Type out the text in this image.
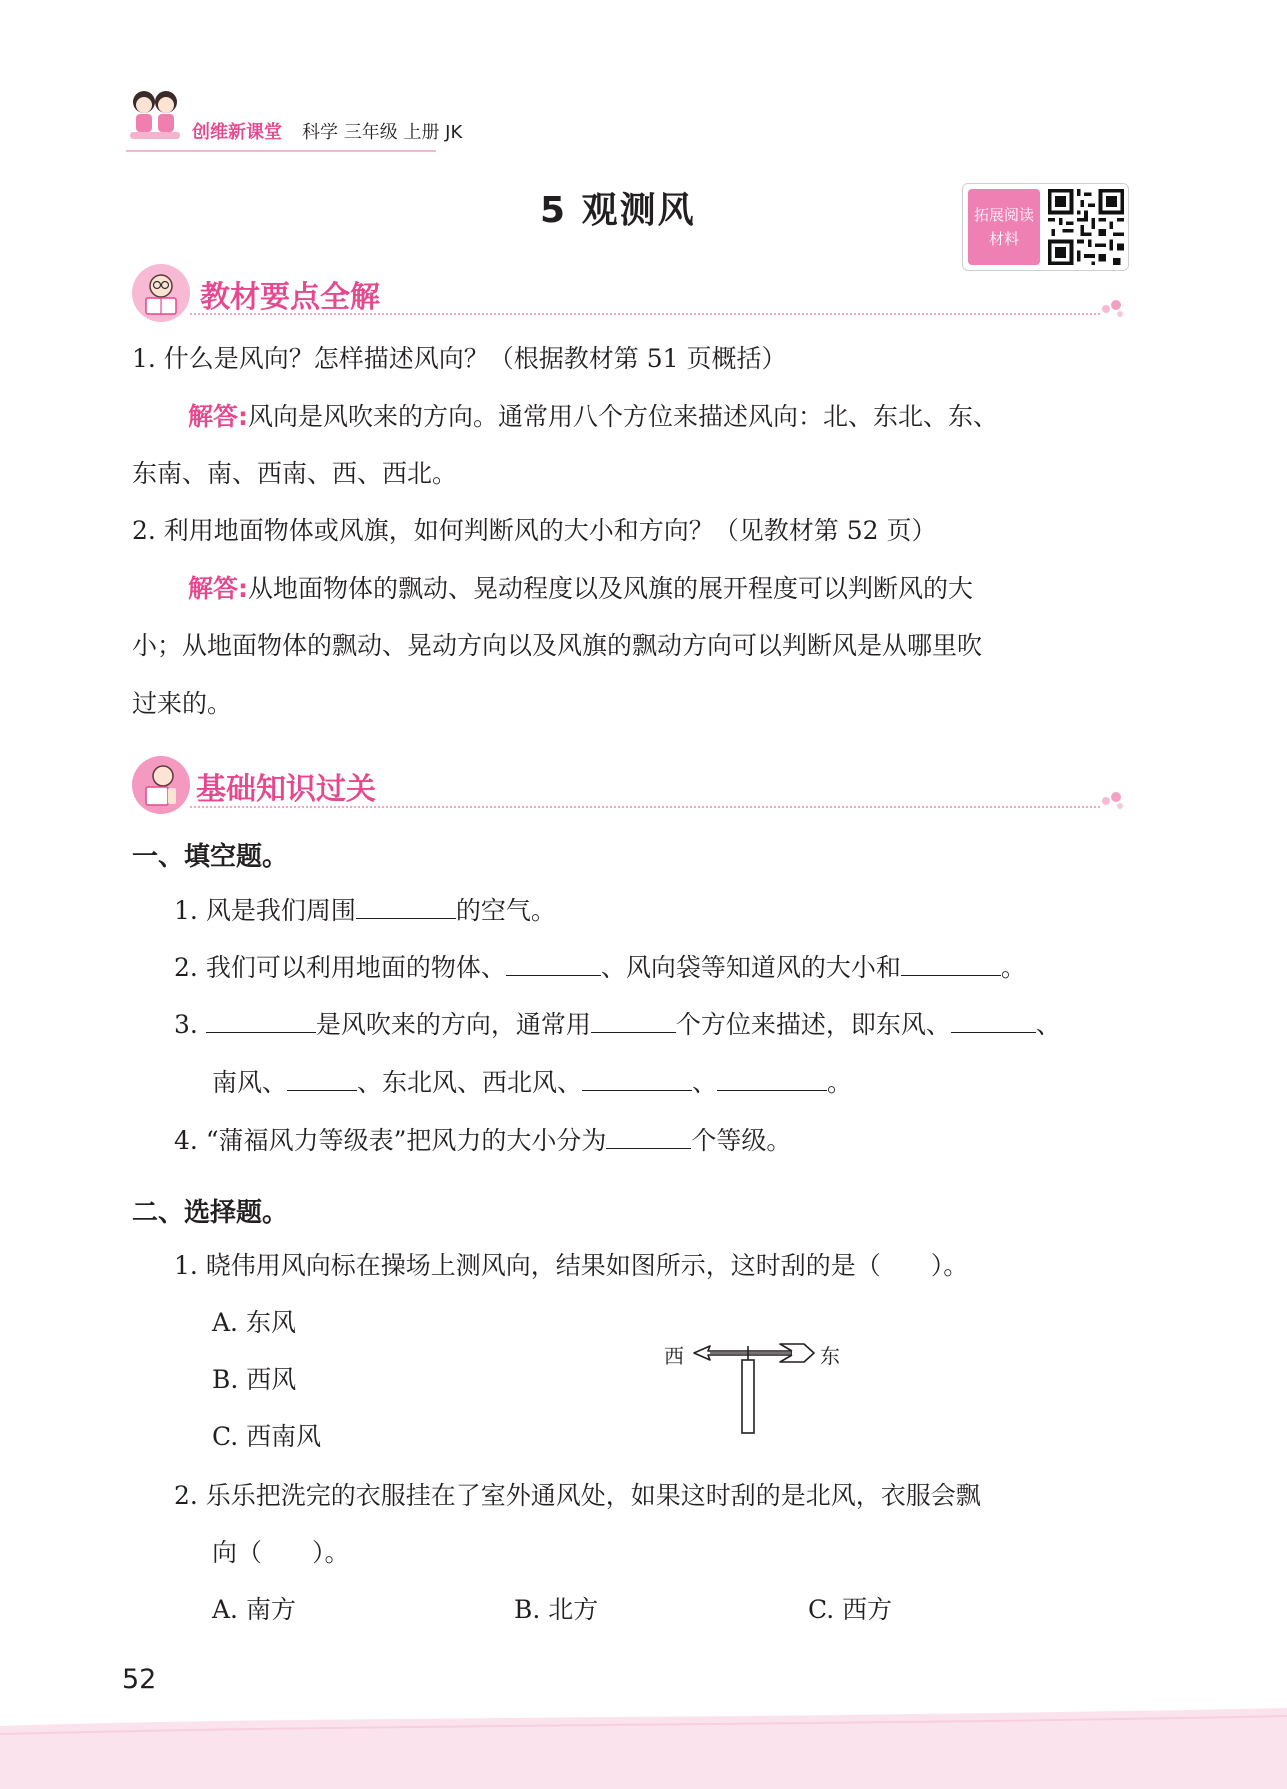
创维新课堂 科学 三年级 上册 JK
5 观测风	拓展阅读
材料
教材要点全解
1. 什么是风向？怎样描述风向？（根据教材第 51 页概括）
解答:风向是风吹来的方向。通常用八个方位来描述风向：北、东北、东、
东南、南、西南、西、西北。
2. 利用地面物体或风旗，如何判断风的大小和方向？（见教材第 52 页）
解答:从地面物体的飘动、晃动程度以及风旗的展开程度可以判断风的大
小；从地面物体的飘动、晃动方向以及风旗的飘动方向可以判断风是从哪里吹
过来的。
基础知识过关
一、填空题。
1. 风是我们周围	的空气。
2. 我们可以利用地面的物体、	、风向袋等知道风的大小和	。
3.	是风吹来的方向，通常用	个方位来描述，即东风、	、
南风、	、东北风、西北风、	、	。
4. “蒲福风力等级表”把风力的大小分为	个等级。
二、选择题。
1. 晓伟用风向标在操场上测风向，结果如图所示，这时刮的是（　　）。
A. 东风
B. 西风
C. 西南风
西	东
2. 乐乐把洗完的衣服挂在了室外通风处，如果这时刮的是北风，衣服会飘
向（　　）。
A. 南方	B. 北方	C. 西方
52
